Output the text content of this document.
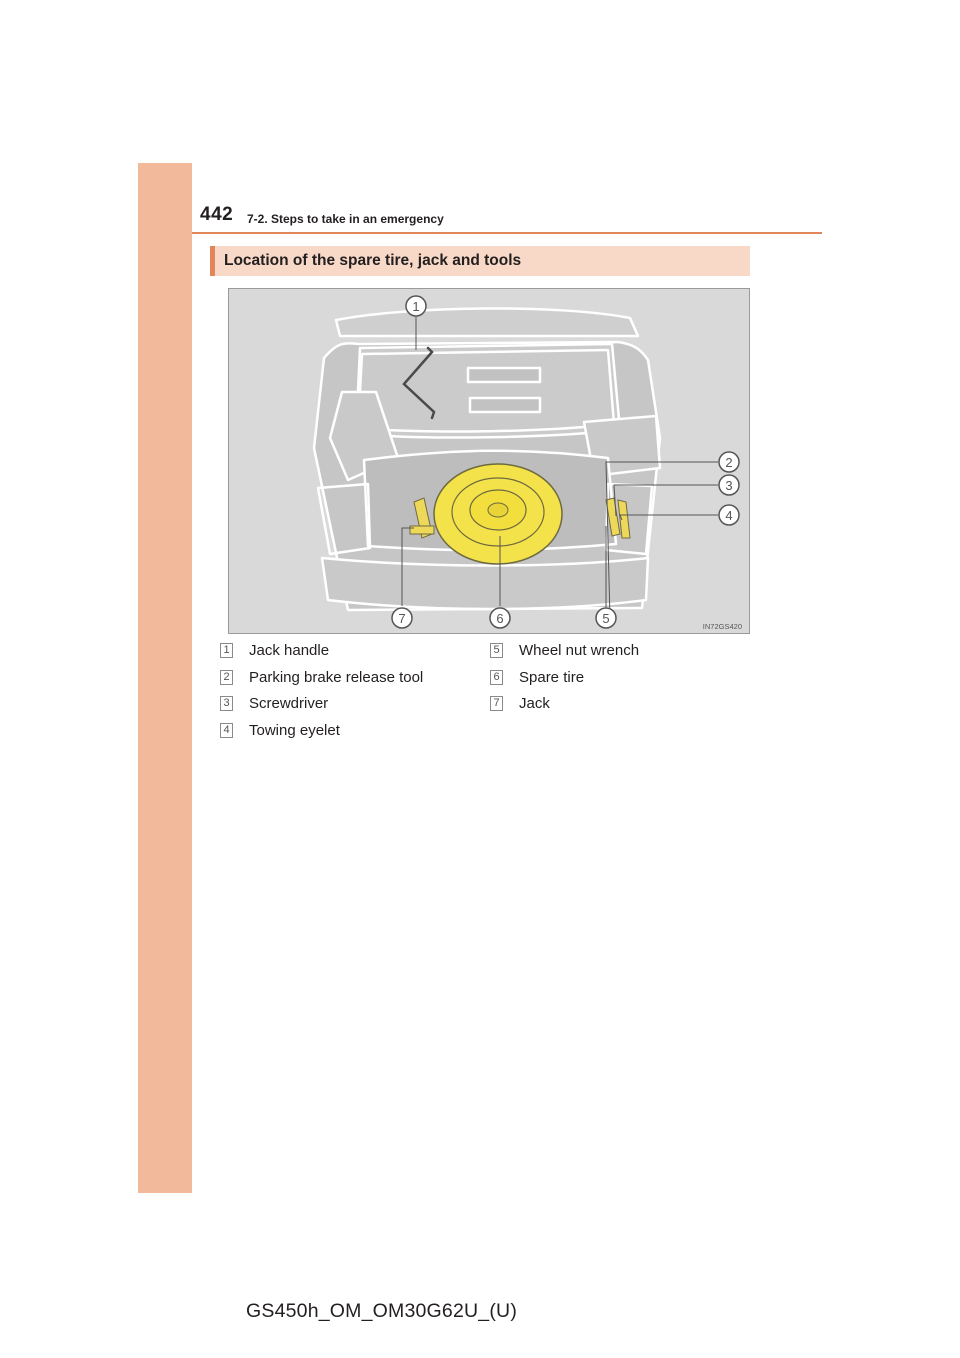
442 7-2. Steps to take in an emergency
Location of the spare tire, jack and tools
1
2
3
4
5
6
7
IN72GS420
1 Jack handle
2 Parking brake release tool
3 Screwdriver
4 Towing eyelet
5 Wheel nut wrench
6 Spare tire
7 Jack
GS450h_OM_OM30G62U_(U)
